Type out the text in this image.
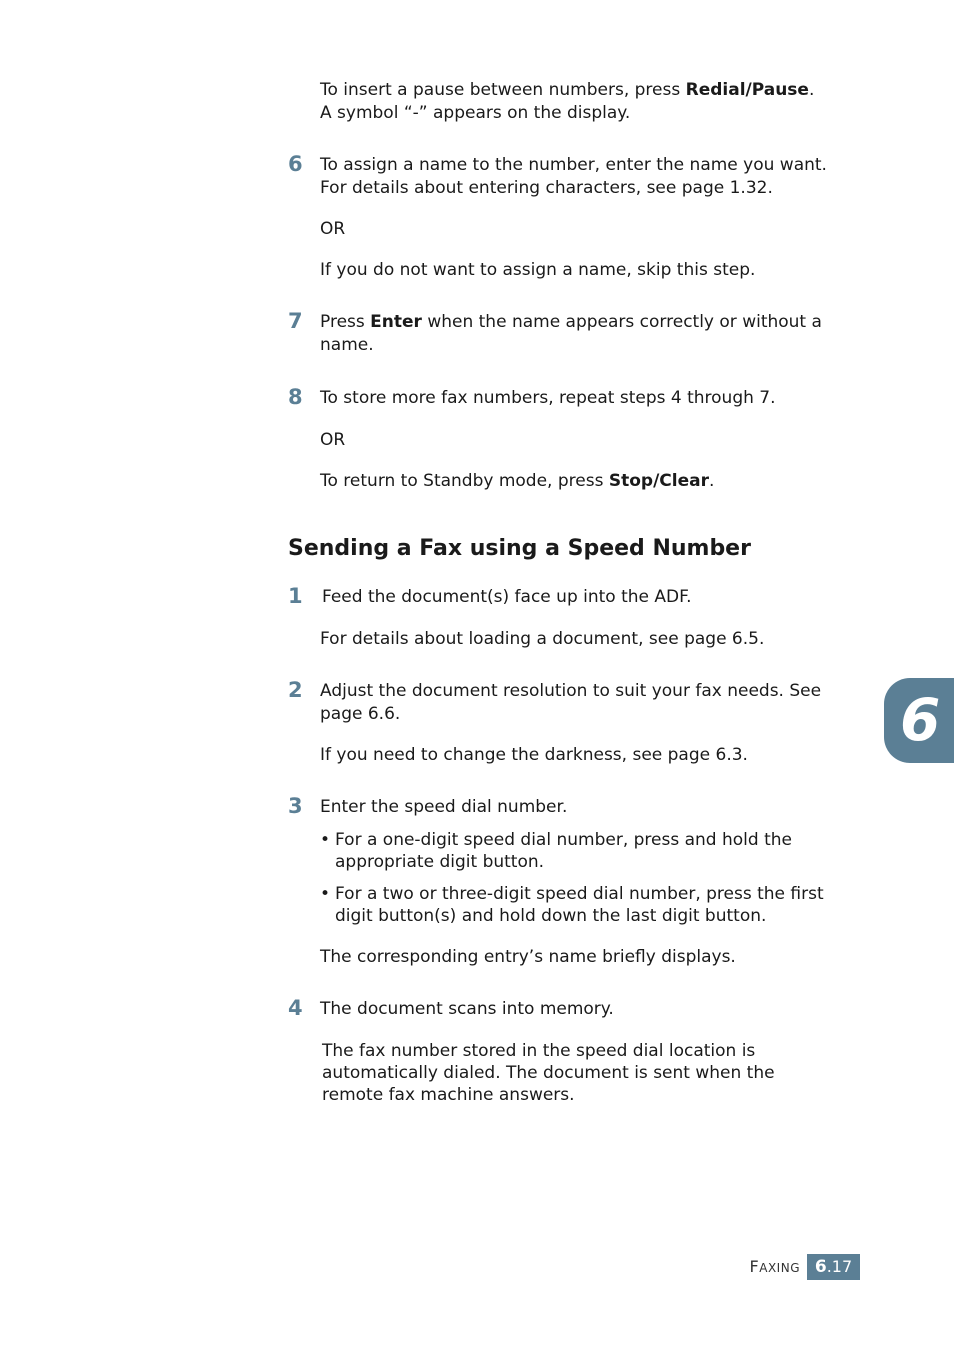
To insert a pause between numbers, press Redial/Pause.
A symbol “-” appears on the display.

6 To assign a name to the number, enter the name you want.
For details about entering characters, see page 1.32.

OR

If you do not want to assign a name, skip this step.

7 Press Enter when the name appears correctly or without a name.

8 To store more fax numbers, repeat steps 4 through 7.

OR

To return to Standby mode, press Stop/Clear.

Sending a Fax using a Speed Number
1 Feed the document(s) face up into the ADF.

For details about loading a document, see page 6.5.

2 Adjust the document resolution to suit your fax needs. See page 6.6.

If you need to change the darkness, see page 6.3.

3 Enter the speed dial number.

• For a one-digit speed dial number, press and hold the appropriate digit button.
• For a two or three-digit speed dial number, press the first digit button(s) and hold down the last digit button.

The corresponding entry’s name briefly displays.

4 The document scans into memory.

The fax number stored in the speed dial location is automatically dialed. The document is sent when the remote fax machine answers.

6
FAXING 6.17
